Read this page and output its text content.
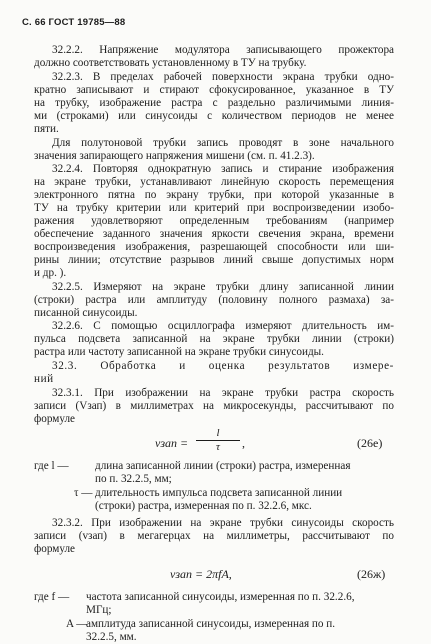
С. 66 ГОСТ 19785—88
32.2.2. Напряжение модулятора записывающего прожектора
должно соответствовать установленному в ТУ на трубку.
32.2.3. В пределах рабочей поверхности экрана трубки одно-
кратно записывают и стирают сфокусированное, указанное в ТУ
на трубку, изображение растра с раздельно различимыми линия-
ми (строками) или синусоиды с количеством периодов не менее
пяти.
Для полутоновой трубки запись проводят в зоне начального
значения запирающего напряжения мишени (см. п. 41.2.3).
32.2.4. Повторяя однократную запись и стирание изображения
на экране трубки, устанавливают линейную скорость перемещения
электронного пятна по экрану трубки, при которой указанные в
ТУ на трубку критерии или критерий при воспроизведении изобо-
ражения удовлетворяют определенным требованиям (например
обеспечение заданного значения яркости свечения экрана, времени
воспроизведения изображения, разрешающей способности или ши-
рины линии; отсутствие разрывов линий свыше допустимых норм
и др. ).
32.2.5. Измеряют на экране трубки длину записанной линии
(строки) растра или амплитуду (половину полного размаха) за-
писанной синусоиды.
32.2.6. С помощью осциллографа измеряют длительность им-
пульса подсвета записанной на экране трубки линии (строки)
растра или частоту записанной на экране трубки синусоиды.
32.3. Обработка и оценка результатов измере-
ний
32.3.1. При изображении на экране трубки растра скорость
записи (Vзап) в миллиметрах на микросекунды, рассчитывают по
формуле
vзап =
l
τ	,	(26е)
где l — длина записанной линии (строки) растра, измеренная
по п. 32.2.5, мм;
τ — длительность импульса подсвета записанной линии
(строки) растра, измеренная по п. 32.2.6, мкс.
32.3.2. При изображении на экране трубки синусоиды скорость
записи (vзап) в мегагерцах на миллиметры, рассчитывают по
формуле
vзап = 2πfA,	(26ж)
где f — частота записанной синусоиды, измеренная по п. 32.2.6,
МГц;
A —
амплитуда записанной синусоиды, измеренная по п.
32.2.5, мм.
